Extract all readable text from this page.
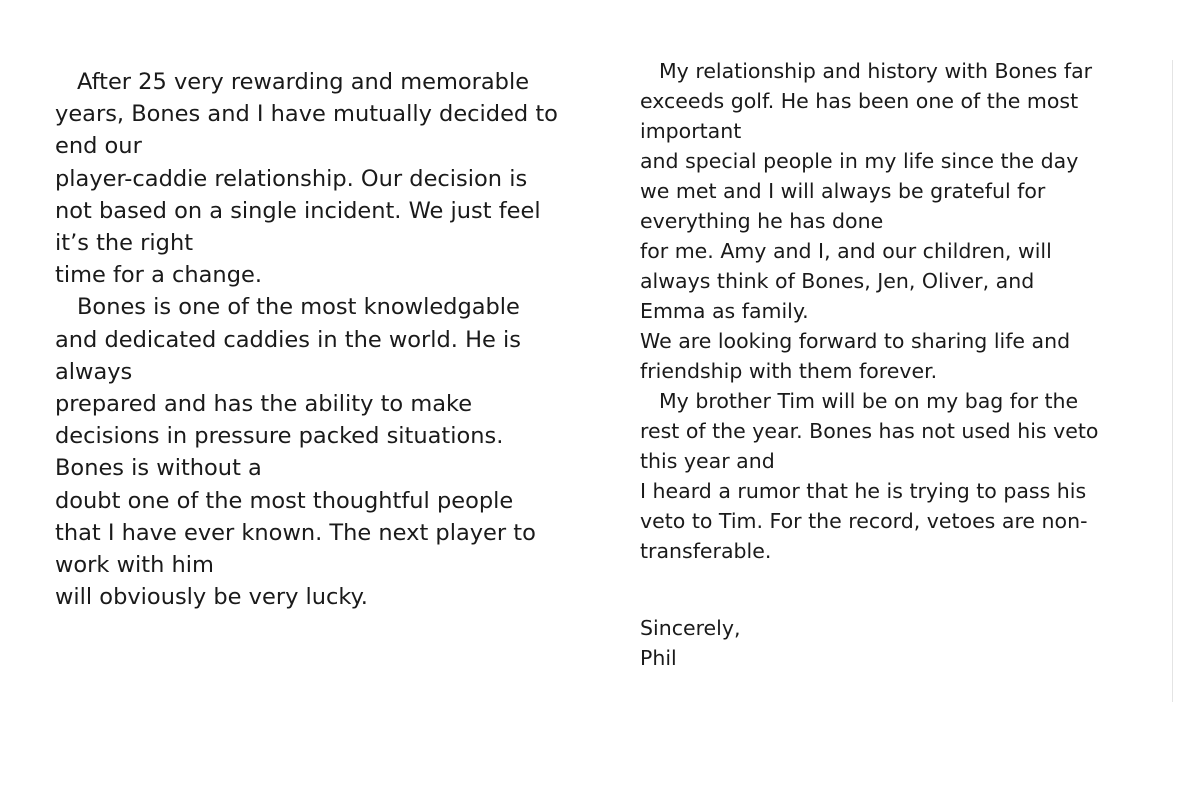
After 25 very rewarding and memorable
years, Bones and I have mutually decided to
end our
player-caddie relationship. Our decision is
not based on a single incident. We just feel
it’s the right
time for a change.
Bones is one of the most knowledgable
and dedicated caddies in the world. He is
always
prepared and has the ability to make
decisions in pressure packed situations.
Bones is without a
doubt one of the most thoughtful people
that I have ever known. The next player to
work with him
will obviously be very lucky.
My relationship and history with Bones far
exceeds golf. He has been one of the most
important
and special people in my life since the day
we met and I will always be grateful for
everything he has done
for me. Amy and I, and our children, will
always think of Bones, Jen, Oliver, and
Emma as family.
We are looking forward to sharing life and
friendship with them forever.
My brother Tim will be on my bag for the
rest of the year. Bones has not used his veto
this year and
I heard a rumor that he is trying to pass his
veto to Tim. For the record, vetoes are non-
transferable.
Sincerely,
Phil
